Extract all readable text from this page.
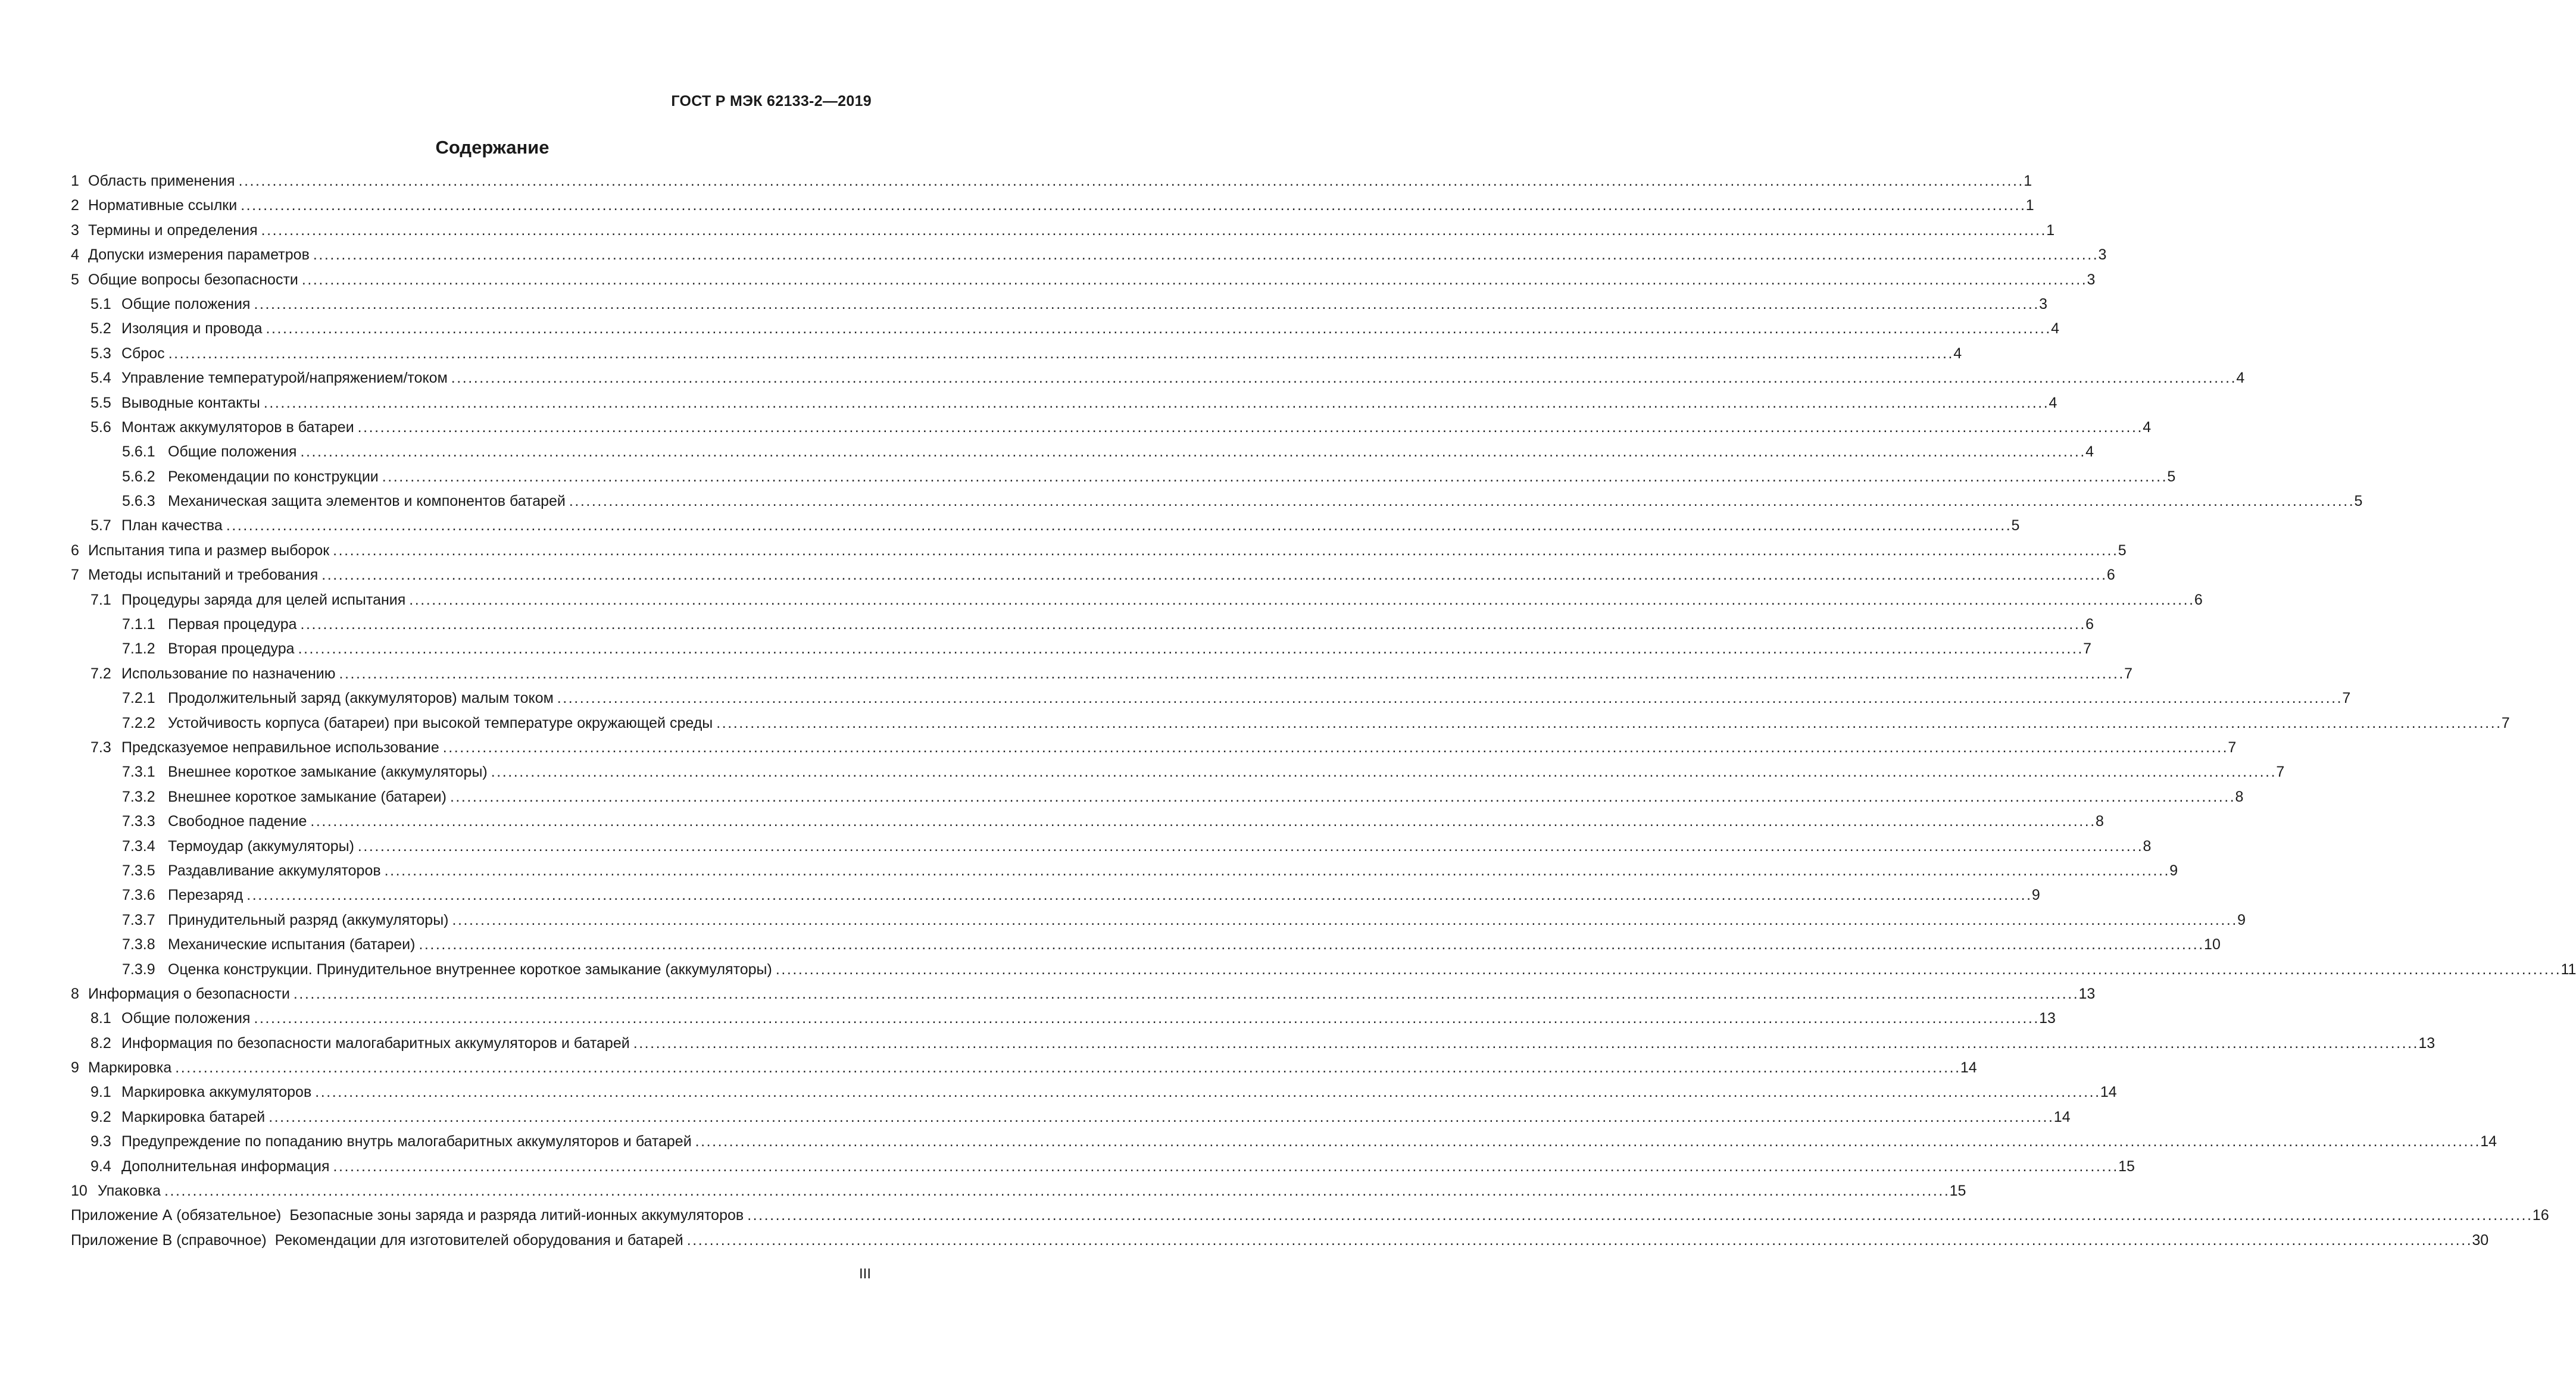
ГОСТ Р МЭК 62133-2—2019
Содержание
1 Область применения . . .	1
2 Нормативные ссылки . . .	1
3 Термины и определения . . .	1
4 Допуски измерения параметров . . .	3
5 Общие вопросы безопасности . . .	3
5.1 Общие положения . . .	3
5.2 Изоляция и провода . . .	4
5.3 Сброс . . .	4
5.4 Управление температурой/напряжением/током . . .	4
5.5 Выводные контакты . . .	4
5.6 Монтаж аккумуляторов в батареи . . .	4
5.6.1 Общие положения . . .	4
5.6.2 Рекомендации по конструкции . . .	5
5.6.3 Механическая защита элементов и компонентов батарей . . .	5
5.7 План качества . . .	5
6 Испытания типа и размер выборок . . .	5
7 Методы испытаний и требования . . .	6
7.1 Процедуры заряда для целей испытания . . .	6
7.1.1 Первая процедура . . .	6
7.1.2 Вторая процедура . . .	7
7.2 Использование по назначению . . .	7
7.2.1 Продолжительный заряд (аккумуляторов) малым током . . .	7
7.2.2 Устойчивость корпуса (батареи) при высокой температуре окружающей среды . . .	7
7.3 Предсказуемое неправильное использование . . .	7
7.3.1 Внешнее короткое замыкание (аккумуляторы) . . .	7
7.3.2 Внешнее короткое замыкание (батареи) . . .	8
7.3.3 Свободное падение . . .	8
7.3.4 Термоудар (аккумуляторы) . . .	8
7.3.5 Раздавливание аккумуляторов . . .	9
7.3.6 Перезаряд . . .	9
7.3.7 Принудительный разряд (аккумуляторы) . . .	9
7.3.8 Механические испытания (батареи) . . .	10
7.3.9 Оценка конструкции. Принудительное внутреннее короткое замыкание (аккумуляторы) . . .	11
8 Информация о безопасности . . .	13
8.1 Общие положения . . .	13
8.2 Информация по безопасности малогабаритных аккумуляторов и батарей . . .	13
9 Маркировка . . .	14
9.1 Маркировка аккумуляторов . . .	14
9.2 Маркировка батарей . . .	14
9.3 Предупреждение по попаданию внутрь малогабаритных аккумуляторов и батарей . . .	14
9.4 Дополнительная информация . . .	15
10 Упаковка . . .	15
Приложение А (обязательное) Безопасные зоны заряда и разряда литий-ионных аккумуляторов . . .	16
Приложение В (справочное) Рекомендации для изготовителей оборудования и батарей . . .	30
III
